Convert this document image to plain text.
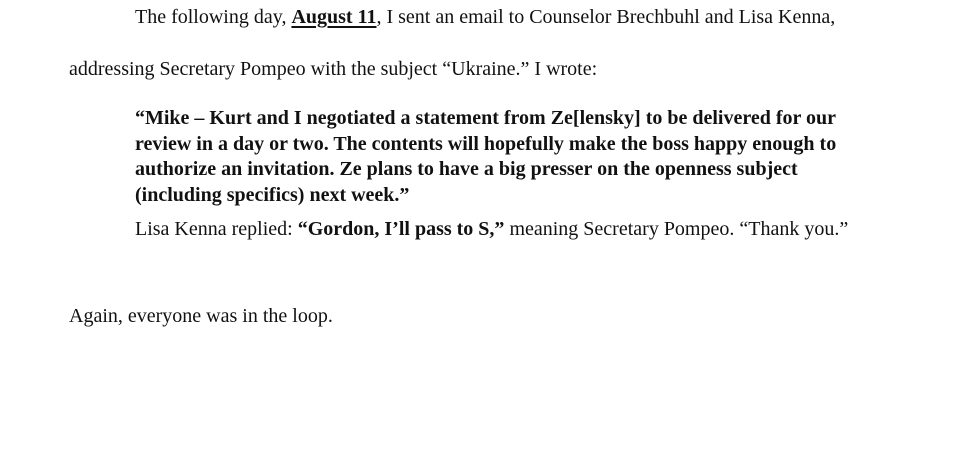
The following day, August 11, I sent an email to Counselor Brechbuhl and Lisa Kenna,
addressing Secretary Pompeo with the subject “Ukraine.” I wrote:
“Mike – Kurt and I negotiated a statement from Ze[lensky] to be delivered for our
review in a day or two. The contents will hopefully make the boss happy enough to
authorize an invitation. Ze plans to have a big presser on the openness subject
(including specifics) next week.”
Lisa Kenna replied: “Gordon, I’ll pass to S,” meaning Secretary Pompeo. “Thank you.”
Again, everyone was in the loop.
